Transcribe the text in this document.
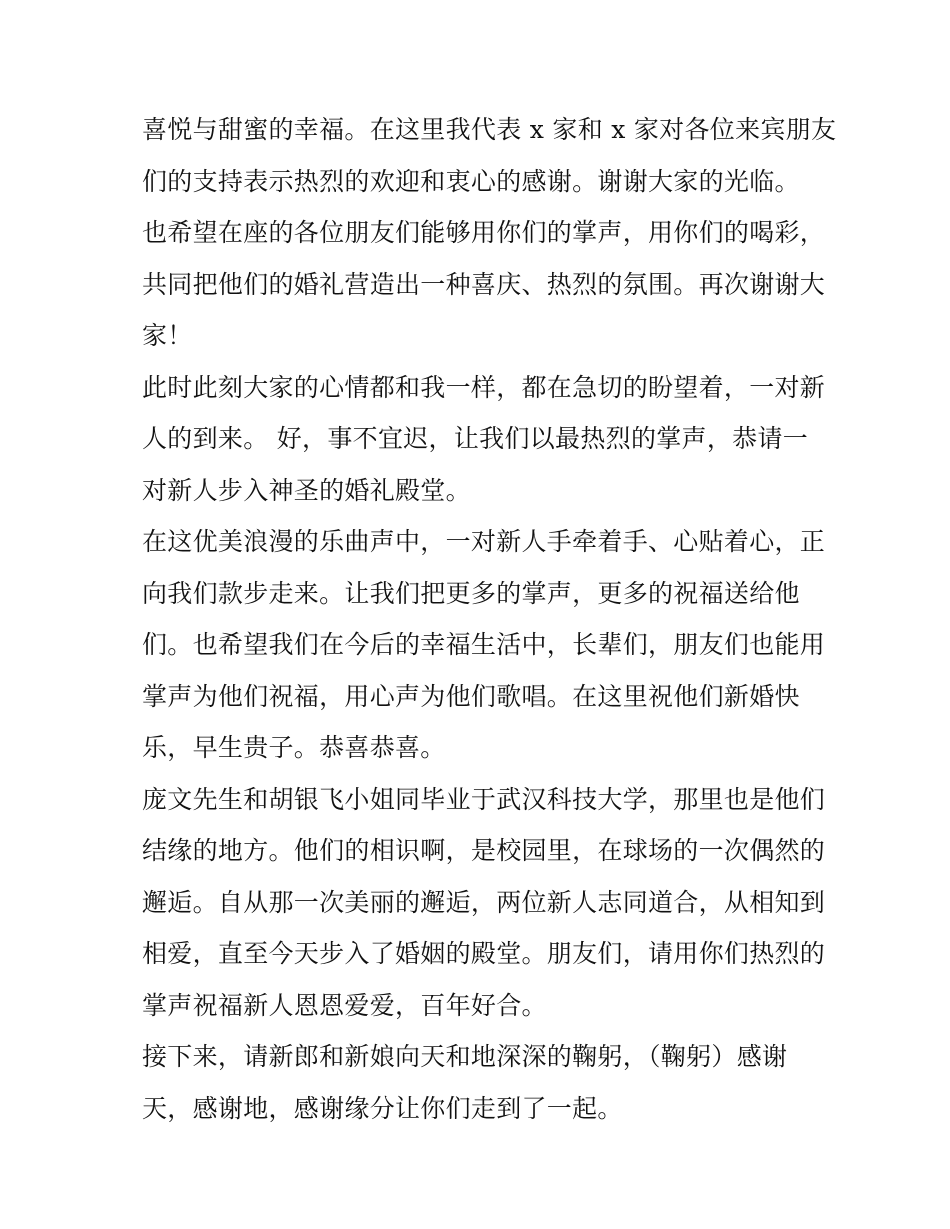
喜悦与甜蜜的幸福。在这里我代表 x 家和 x 家对各位来宾朋友
们的支持表示热烈的欢迎和衷心的感谢。谢谢大家的光临。
也希望在座的各位朋友们能够用你们的掌声，用你们的喝彩，
共同把他们的婚礼营造出一种喜庆、热烈的氛围。再次谢谢大
家！
此时此刻大家的心情都和我一样，都在急切的盼望着，一对新
人的到来。 好，事不宜迟，让我们以最热烈的掌声，恭请一
对新人步入神圣的婚礼殿堂。
在这优美浪漫的乐曲声中，一对新人手牵着手、心贴着心，正
向我们款步走来。让我们把更多的掌声，更多的祝福送给他
们。也希望我们在今后的幸福生活中，长辈们，朋友们也能用
掌声为他们祝福，用心声为他们歌唱。在这里祝他们新婚快
乐，早生贵子。恭喜恭喜。
庞文先生和胡银飞小姐同毕业于武汉科技大学，那里也是他们
结缘的地方。他们的相识啊，是校园里，在球场的一次偶然的
邂逅。自从那一次美丽的邂逅，两位新人志同道合，从相知到
相爱，直至今天步入了婚姻的殿堂。朋友们，请用你们热烈的
掌声祝福新人恩恩爱爱，百年好合。
接下来，请新郎和新娘向天和地深深的鞠躬，（鞠躬）感谢
天，感谢地，感谢缘分让你们走到了一起。
